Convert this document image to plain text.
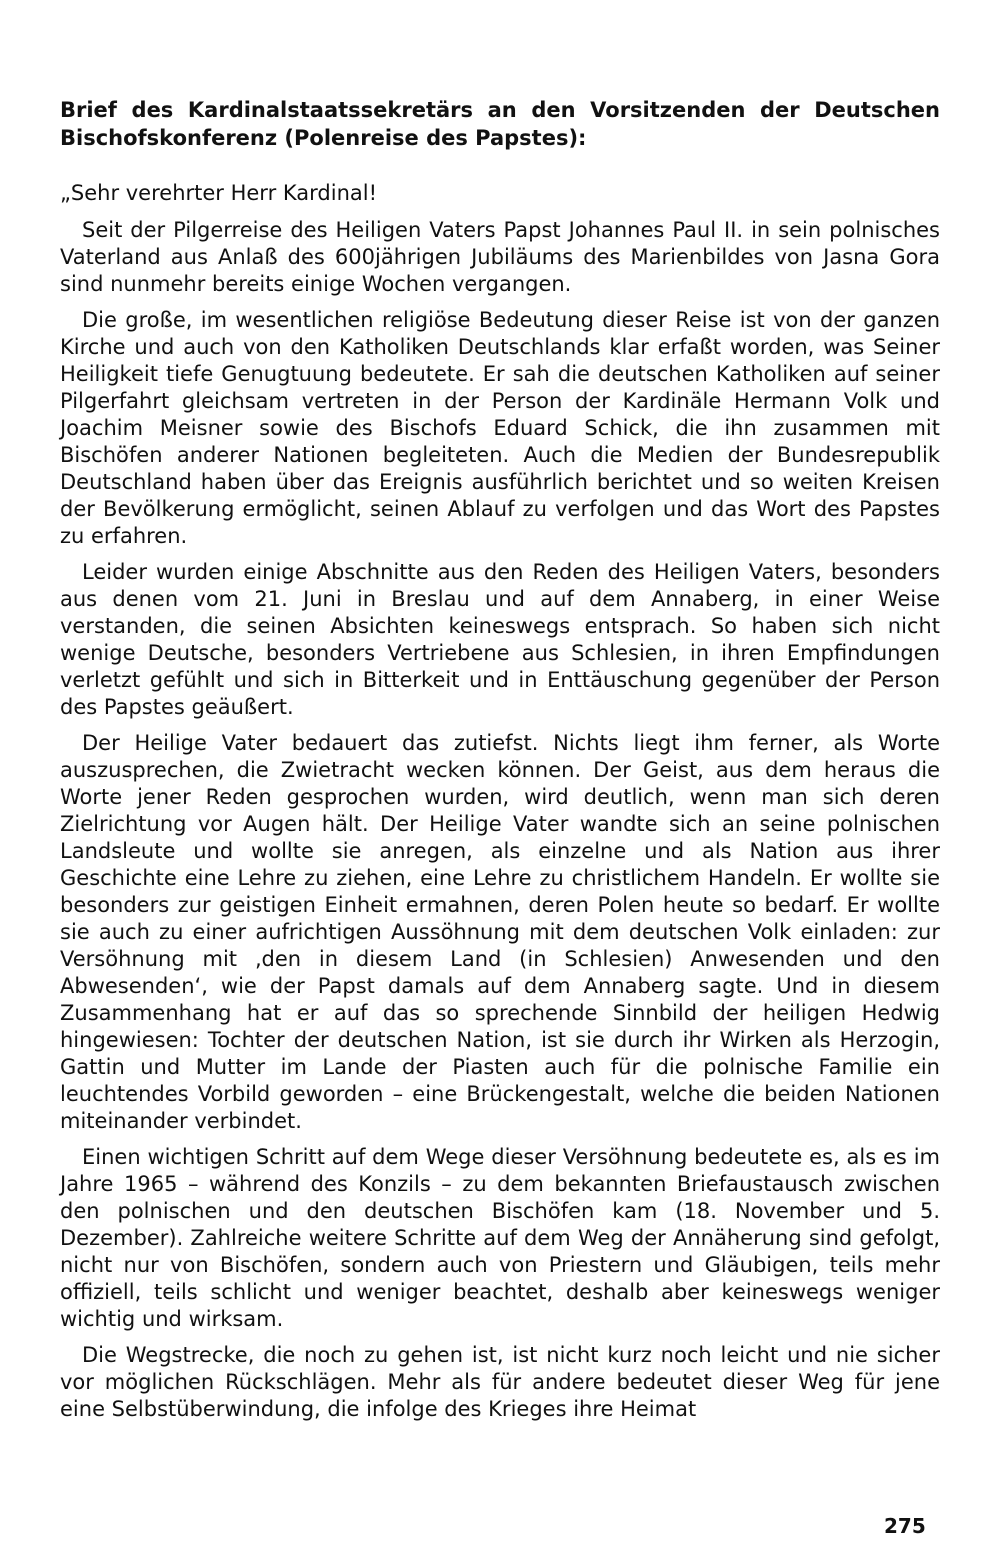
Brief des Kardinalstaatssekretärs an den Vorsitzenden der Deutschen Bischofskonferenz (Polenreise des Papstes):

„Sehr verehrter Herr Kardinal!

Seit der Pilgerreise des Heiligen Vaters Papst Johannes Paul II. in sein polnisches Vaterland aus Anlaß des 600jährigen Jubiläums des Marienbildes von Jasna Gora sind nunmehr bereits einige Wochen vergangen.

Die große, im wesentlichen religiöse Bedeutung dieser Reise ist von der ganzen Kirche und auch von den Katholiken Deutschlands klar erfaßt worden, was Seiner Heiligkeit tiefe Genugtuung bedeutete. Er sah die deutschen Katholiken auf seiner Pilgerfahrt gleichsam vertreten in der Person der Kardinäle Hermann Volk und Joachim Meisner sowie des Bischofs Eduard Schick, die ihn zusammen mit Bischöfen anderer Nationen begleiteten. Auch die Medien der Bundesrepublik Deutschland haben über das Ereignis ausführlich berichtet und so weiten Kreisen der Bevölkerung ermöglicht, seinen Ablauf zu verfolgen und das Wort des Papstes zu erfahren.

Leider wurden einige Abschnitte aus den Reden des Heiligen Vaters, besonders aus denen vom 21. Juni in Breslau und auf dem Annaberg, in einer Weise verstanden, die seinen Absichten keineswegs entsprach. So haben sich nicht wenige Deutsche, besonders Vertriebene aus Schlesien, in ihren Empfindungen verletzt gefühlt und sich in Bitterkeit und in Enttäuschung gegenüber der Person des Papstes geäußert.

Der Heilige Vater bedauert das zutiefst. Nichts liegt ihm ferner, als Worte auszusprechen, die Zwietracht wecken können. Der Geist, aus dem heraus die Worte jener Reden gesprochen wurden, wird deutlich, wenn man sich deren Zielrichtung vor Augen hält. Der Heilige Vater wandte sich an seine polnischen Landsleute und wollte sie anregen, als einzelne und als Nation aus ihrer Geschichte eine Lehre zu ziehen, eine Lehre zu christlichem Handeln. Er wollte sie besonders zur geistigen Einheit ermahnen, deren Polen heute so bedarf. Er wollte sie auch zu einer aufrichtigen Aussöhnung mit dem deutschen Volk einladen: zur Versöhnung mit ‚den in diesem Land (in Schlesien) Anwesenden und den Abwesenden‘, wie der Papst damals auf dem Annaberg sagte. Und in diesem Zusammenhang hat er auf das so sprechende Sinnbild der heiligen Hedwig hingewiesen: Tochter der deutschen Nation, ist sie durch ihr Wirken als Herzogin, Gattin und Mutter im Lande der Piasten auch für die polnische Familie ein leuchtendes Vorbild geworden – eine Brückengestalt, welche die beiden Nationen miteinander verbindet.

Einen wichtigen Schritt auf dem Wege dieser Versöhnung bedeutete es, als es im Jahre 1965 – während des Konzils – zu dem bekannten Briefaustausch zwischen den polnischen und den deutschen Bischöfen kam (18. November und 5. Dezember). Zahlreiche weitere Schritte auf dem Weg der Annäherung sind gefolgt, nicht nur von Bischöfen, sondern auch von Priestern und Gläubigen, teils mehr offiziell, teils schlicht und weniger beachtet, deshalb aber keineswegs weniger wichtig und wirksam.

Die Wegstrecke, die noch zu gehen ist, ist nicht kurz noch leicht und nie sicher vor möglichen Rückschlägen. Mehr als für andere bedeutet dieser Weg für jene eine Selbstüberwindung, die infolge des Krieges ihre Heimat

275
